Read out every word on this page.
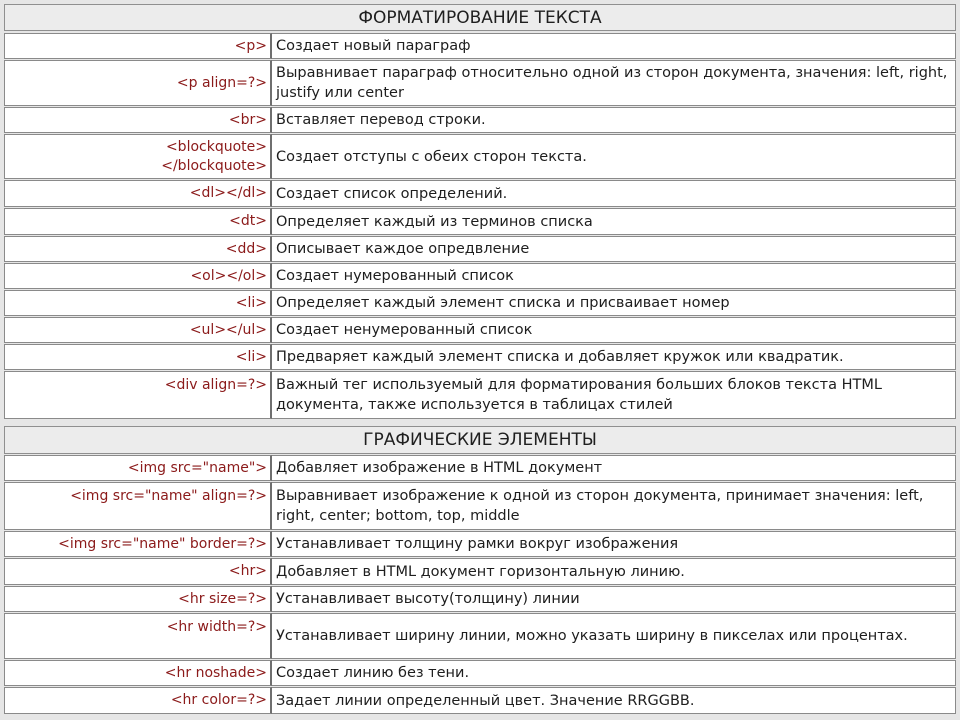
ФОРМАТИРОВАНИЕ ТЕКСТА
<p> Создает новый параграф
<p align=?>
Выравнивает параграф относительно одной из сторон документа, значения: left, right, justify или center
<br> Вставляет перевод строки.
<blockquote>
</blockquote>
Создает отступы с обеих сторон текста.
<dl></dl> Создает список определений.
<dt> Определяет каждый из терминов списка
<dd> Описывает каждое опредвление
<ol></ol> Создает нумерованный список
<li> Определяет каждый элемент списка и присваивает номер
<ul></ul> Создает ненумерованный список
<li> Предваряет каждый элемент списка и добавляет кружок или квадратик.
<div align=?> Важный тег используемый для форматирования больших блоков текста HTML документа, также используется в таблицах стилей
ГРАФИЧЕСКИЕ ЭЛЕМЕНТЫ
<img src="name"> Добавляет изображение в HTML документ
<img src="name" align=?> Выравнивает изображение к одной из сторон документа, принимает значения: left, right, center; bottom, top, middle
<img src="name" border=?> Устанавливает толщину рамки вокруг изображения
<hr> Добавляет в HTML документ горизонтальную линию.
<hr size=?> Устанавливает высоту(толщину) линии
<hr width=?>
Устанавливает ширину линии, можно указать ширину в пикселах или процентах.
<hr noshade> Создает линию без тени.
<hr color=?> Задает линии определенный цвет. Значение RRGGBB.
